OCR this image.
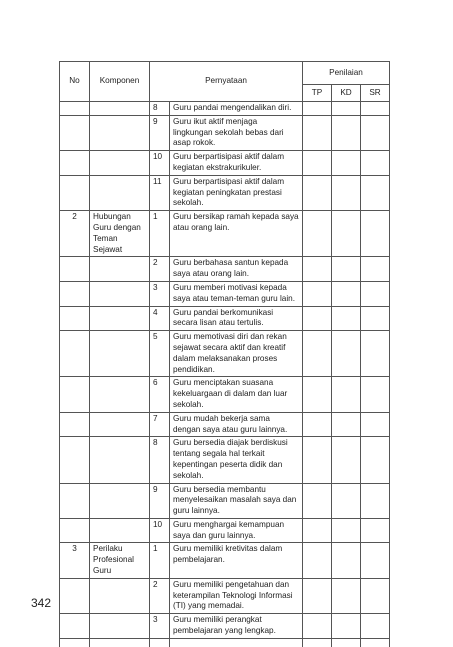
No	Komponen	Pernyataan		Penilaian		
				TP	KD	SR
		8	Guru pandai mengendalikan diri.			
		9	Guru ikut aktif menjaga lingkungan sekolah bebas dari asap rokok.			
		10	Guru berpartisipasi aktif dalam kegiatan ekstrakurikuler.			
		11	Guru berpartisipasi aktif dalam kegiatan peningkatan prestasi sekolah.			
2	Hubungan Guru dengan Teman Sejawat	1	Guru bersikap ramah kepada saya atau orang lain.			
		2	Guru berbahasa santun kepada saya atau orang lain.			
		3	Guru memberi motivasi kepada saya atau teman-teman guru lain.			
		4	Guru pandai berkomunikasi secara lisan atau tertulis.			
		5	Guru memotivasi diri dan rekan sejawat secara aktif dan kreatif dalam melaksanakan proses pendidikan.			
		6	Guru menciptakan suasana kekeluargaan di dalam dan luar sekolah.			
		7	Guru mudah bekerja sama dengan saya atau guru lainnya.			
		8	Guru bersedia diajak berdiskusi tentang segala hal terkait kepentingan peserta didik dan sekolah.			
		9	Guru bersedia membantu menyelesaikan masalah saya dan guru lainnya.			
		10	Guru menghargai kemampuan saya dan guru lainnya.			
3	Perilaku Profesional Guru	1	Guru memiliki kretivitas dalam pembelajaran.			
		2	Guru memiliki pengetahuan dan keterampilan Teknologi Informasi (TI) yang memadai.			
		3	Guru memiliki perangkat pembelajaran yang lengkap.			

342
